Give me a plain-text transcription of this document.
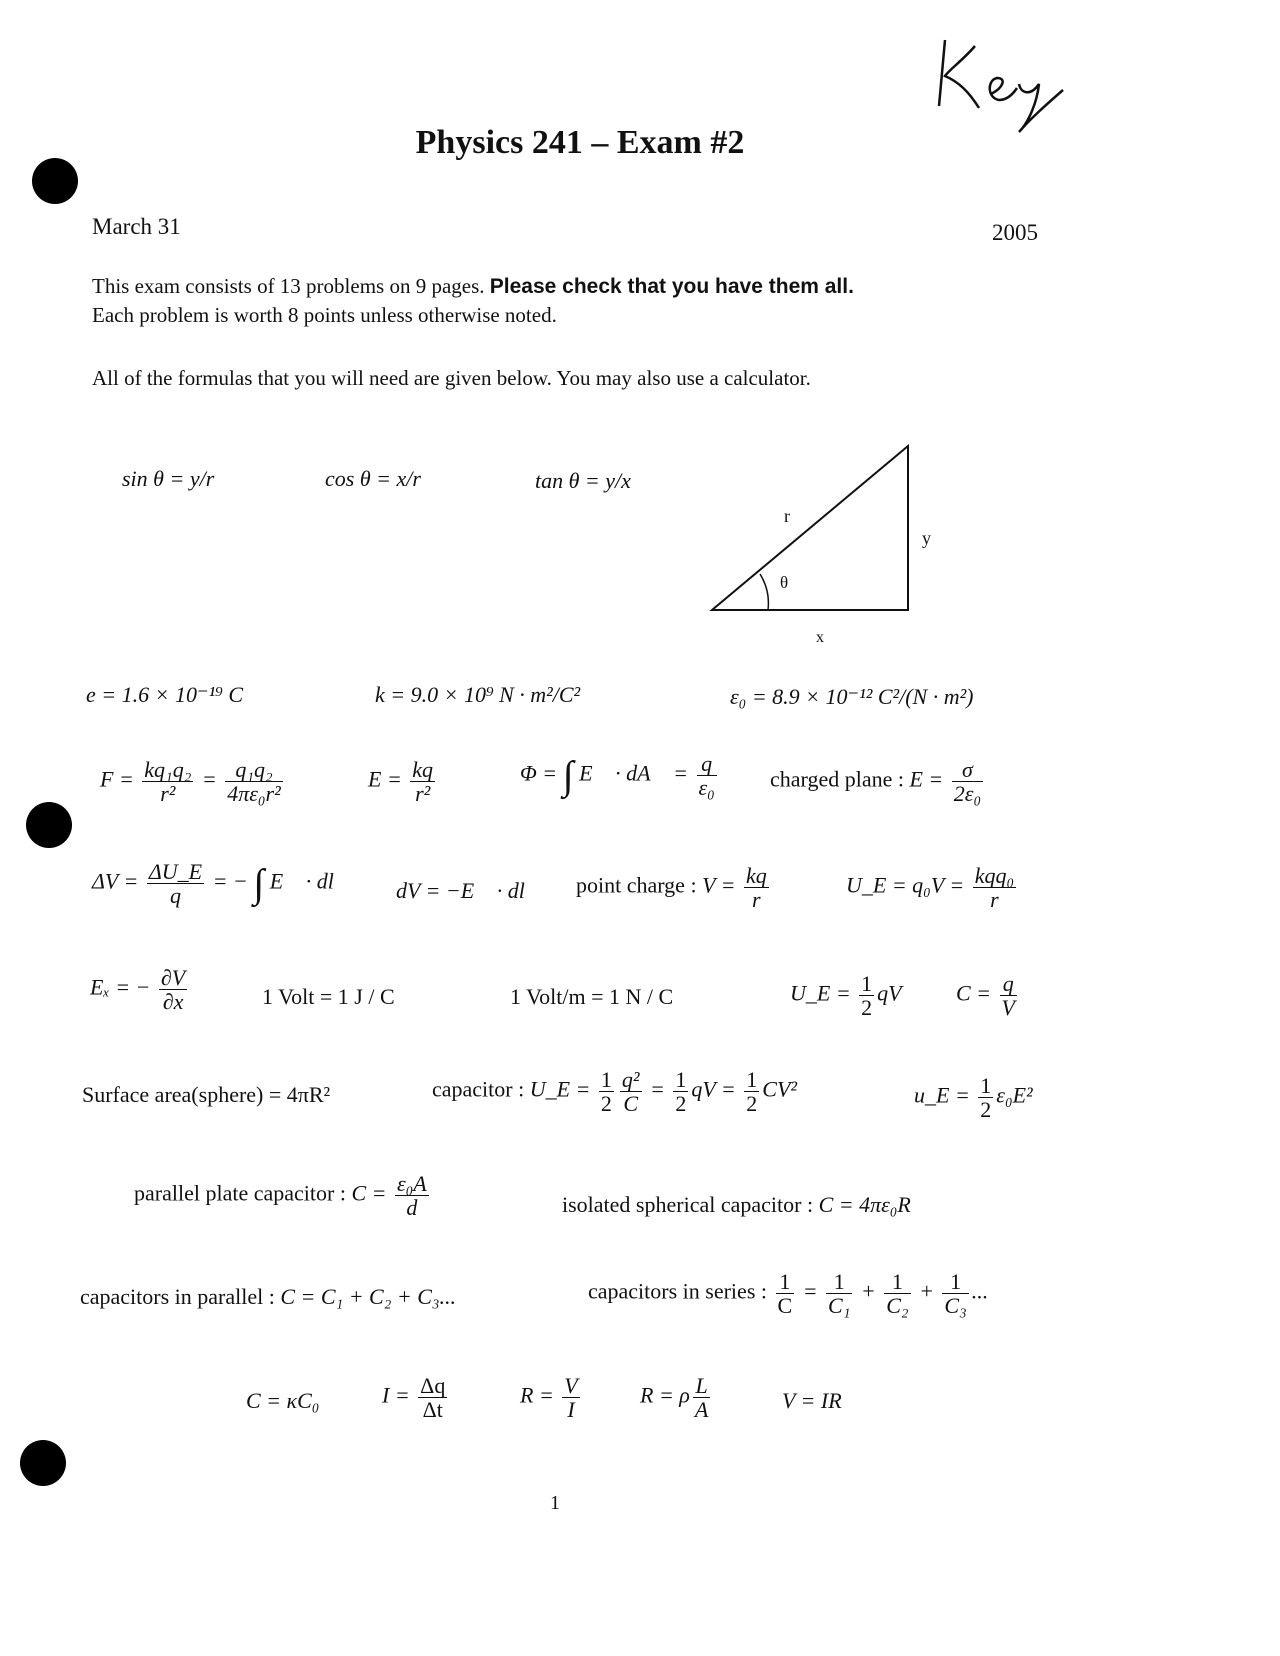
Key
Physics 241 – Exam #2
March 31	2005
This exam consists of 13 problems on 9 pages. Please check that you have them all.
Each problem is worth 8 points unless otherwise noted.
All of the formulas that you will need are given below. You may also use a calculator.
sin θ = y/r	cos θ = x/r	tan θ = y/x
r
y
x
θ
e = 1.6 × 10⁻¹⁹ C	k = 9.0 × 10⁹ N · m²/C²	ε₀ = 8.9 × 10⁻¹² C²/(N · m²)
$F = \frac{\text{kq₁q₂}}{\text{r²}} = \frac{\text{q₁q₂}}{\text{4πε₀r²}}$	$E = \frac{kq}{\text{r²}}$	Φ = ∫ E⃗ · dA⃗ = $\frac{q}{\text{ε₀}}$ charged plane : $E = \frac{\sigma}{\text{2ε₀}}$
$\Delta V = \frac{\Delta U\_E}{q}$ = − ∫ E⃗ · dl⃗ dV = −E⃗ · dl⃗ point charge : $V = \frac{kq}{r}$	U_E = $q_0V = \frac{\text{kqq₀}}{r}$
Eₓ = − $\frac{\partial V}{\partial x}$	1 Volt = 1 J / C	1 Volt/m = 1 N / C	U_E = $\frac{1}{2}$ qV $C = \frac{q}{V}$
Surface area(sphere) = 4πR²	capacitor : U_E = $\frac{1}{2} \frac{\text{q²}}{C} = \frac{1}{2}$ qV = $\frac{1}{2} CV^2$	u_E = $\frac{1}{2} \varepsilon_0E^2$
parallel plate capacitor : $C = \frac{\text{ε₀A}}{d}$	isolated spherical capacitor : C = 4πε₀R
capacitors in parallel : C = C₁ + C₂ + C₃...	capacitors in series : $\frac{1}{C} = \frac{1}{\text{C₁}} + \frac{1}{\text{C₂}} + \frac{1}{\text{C₃}}$ ...
C = κC₀	$I = \frac{\Delta q}{\Delta t}$	$R = \frac{V}{I}$	R = ρ $\frac{L}{A}$	V = IR
1
